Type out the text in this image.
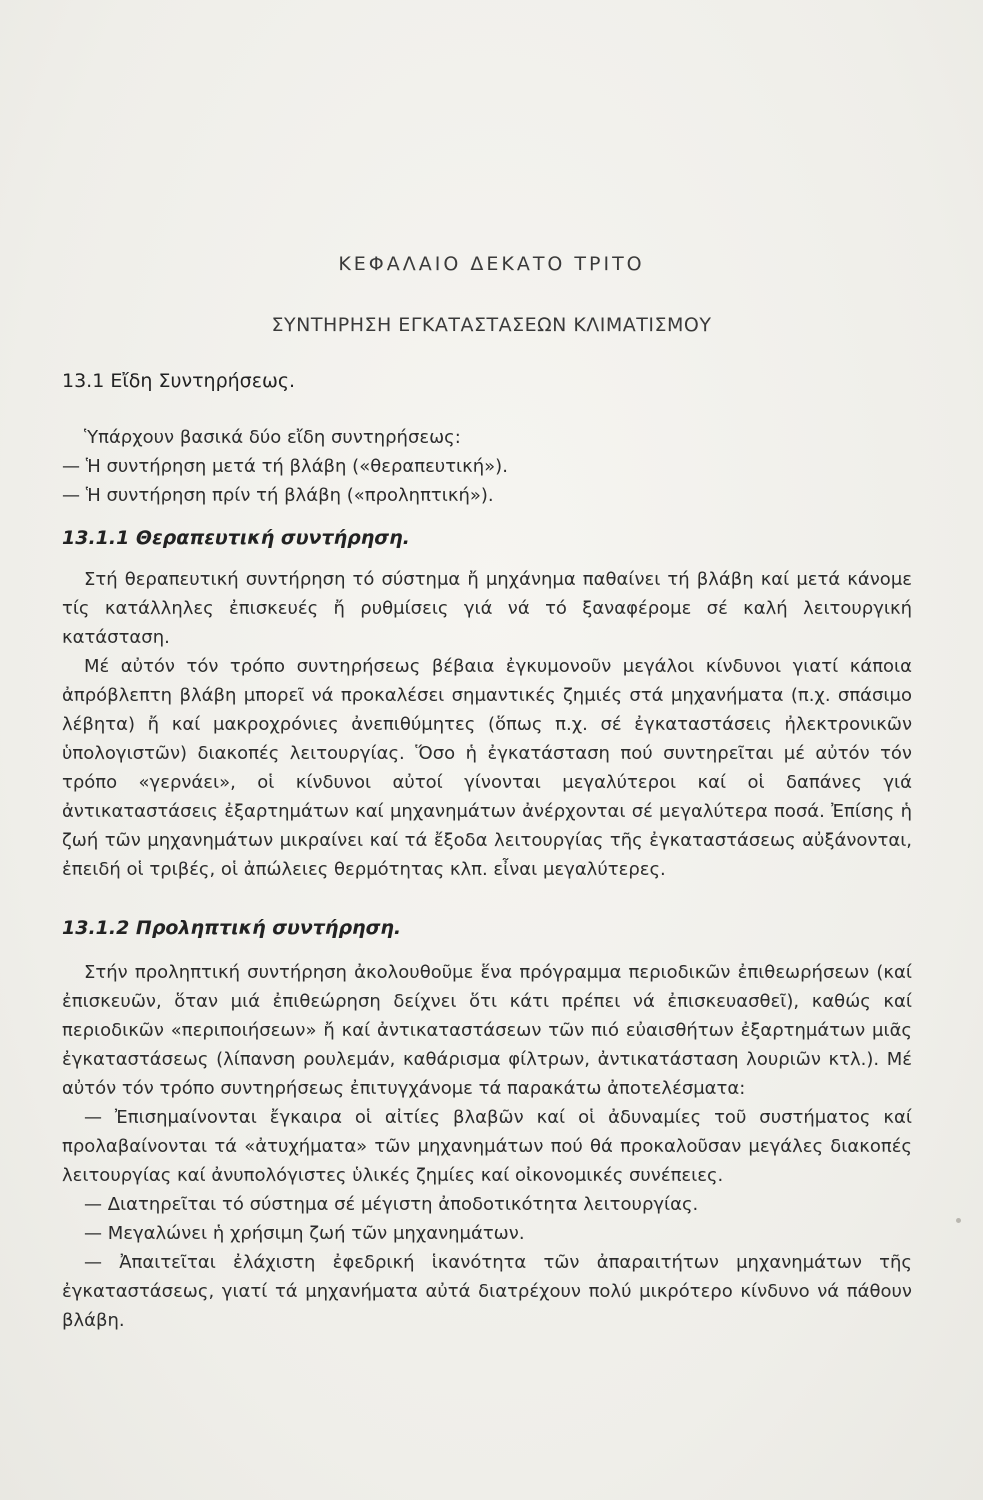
ΚΕΦΑΛΑΙΟ ΔΕΚΑΤΟ ΤΡΙΤΟ
ΣΥΝΤΗΡΗΣΗ ΕΓΚΑΤΑΣΤΑΣΕΩΝ ΚΛΙΜΑΤΙΣΜΟΥ
13.1 Εἴδη Συντηρήσεως.

Ὑπάρχουν βασικά δύο εἴδη συντηρήσεως:

— Ἡ συντήρηση μετά τή βλάβη («θεραπευτική»).

— Ἡ συντήρηση πρίν τή βλάβη («προληπτική»).

13.1.1 Θεραπευτική συντήρηση.

Στή θεραπευτική συντήρηση τό σύστημα ἤ μηχάνημα παθαίνει τή βλάβη καί μετά κάνομε τίς κατάλληλες ἐπισκευές ἤ ρυθμίσεις γιά νά τό ξαναφέρομε σέ καλή λειτουργική κατάσταση.

Μέ αὐτόν τόν τρόπο συντηρήσεως βέβαια ἐγκυμονοῦν μεγάλοι κίνδυνοι γιατί κάποια ἀπρόβλεπτη βλάβη μπορεῖ νά προκαλέσει σημαντικές ζημιές στά μηχανήματα (π.χ. σπάσιμο λέβητα) ἤ καί μακροχρόνιες ἀνεπιθύμητες (ὅπως π.χ. σέ ἐγκαταστάσεις ἠλεκτρονικῶν ὑπολογιστῶν) διακοπές λειτουργίας. Ὅσο ἡ ἐγκατάσταση πού συντηρεῖται μέ αὐτόν τόν τρόπο «γερνάει», οἱ κίνδυνοι αὐτοί γίνονται μεγαλύτεροι καί οἱ δαπάνες γιά ἀντικαταστάσεις ἐξαρτημάτων καί μηχανημάτων ἀνέρχονται σέ μεγαλύτερα ποσά. Ἐπίσης ἡ ζωή τῶν μηχανημάτων μικραίνει καί τά ἔξοδα λειτουργίας τῆς ἐγκαταστάσεως αὐξάνονται, ἐπειδή οἱ τριβές, οἱ ἀπώλειες θερμότητας κλπ. εἶναι μεγαλύτερες.

13.1.2 Προληπτική συντήρηση.

Στήν προληπτική συντήρηση ἀκολουθοῦμε ἕνα πρόγραμμα περιοδικῶν ἐπιθεωρήσεων (καί ἐπισκευῶν, ὅταν μιά ἐπιθεώρηση δείχνει ὅτι κάτι πρέπει νά ἐπισκευασθεῖ), καθώς καί περιοδικῶν «περιποιήσεων» ἤ καί ἀντικαταστάσεων τῶν πιό εὐαισθήτων ἐξαρτημάτων μιᾶς ἐγκαταστάσεως (λίπανση ρουλεμάν, καθάρισμα φίλτρων, ἀντικατάσταση λουριῶν κτλ.). Μέ αὐτόν τόν τρόπο συντηρήσεως ἐπιτυγχάνομε τά παρακάτω ἀποτελέσματα:

— Ἐπισημαίνονται ἔγκαιρα οἱ αἰτίες βλαβῶν καί οἱ ἀδυναμίες τοῦ συστήματος καί προλαβαίνονται τά «ἀτυχήματα» τῶν μηχανημάτων πού θά προκαλοῦσαν μεγάλες διακοπές λειτουργίας καί ἀνυπολόγιστες ὑλικές ζημίες καί οἰκονομικές συνέπειες.

— Διατηρεῖται τό σύστημα σέ μέγιστη ἀποδοτικότητα λειτουργίας.

— Μεγαλώνει ἡ χρήσιμη ζωή τῶν μηχανημάτων.

— Ἀπαιτεῖται ἐλάχιστη ἐφεδρική ἱκανότητα τῶν ἀπαραιτήτων μηχανημάτων τῆς ἐγκαταστάσεως, γιατί τά μηχανήματα αὐτά διατρέχουν πολύ μικρότερο κίνδυνο νά πάθουν βλάβη.
